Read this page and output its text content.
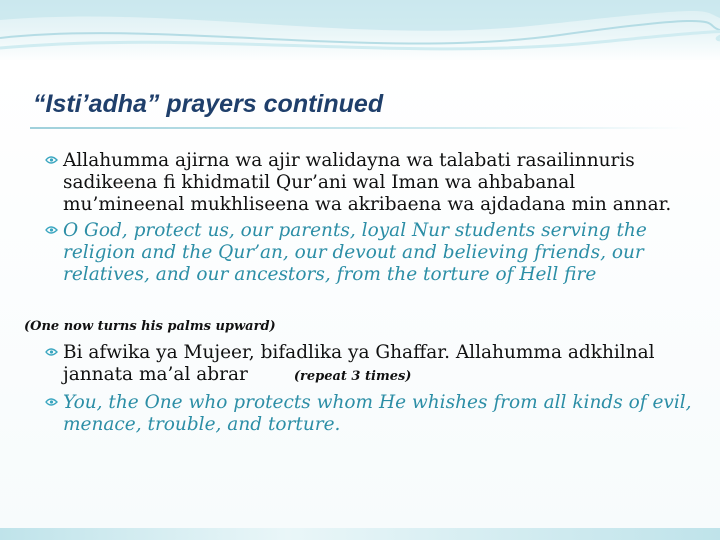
“Isti’adha” prayers continued

Allahumma ajirna wa ajir walidayna wa talabati rasailinnuris sadikeena fi khidmatil Qur’ani wal Iman wa ahbabanal mu’mineenal mukhliseena wa akribaena wa ajdadana min annar.

O God, protect us, our parents, loyal Nur students serving the religion and the Qur’an, our devout and believing friends, our relatives, and our ancestors, from the torture of Hell fire

(One now turns his palms upward)

Bi afwika ya Mujeer, bifadlika ya Ghaffar. Allahumma adkhilnal jannata ma’al abrar	(repeat 3 times)

You, the One who protects whom He whishes from all kinds of evil, menace, trouble, and torture.
